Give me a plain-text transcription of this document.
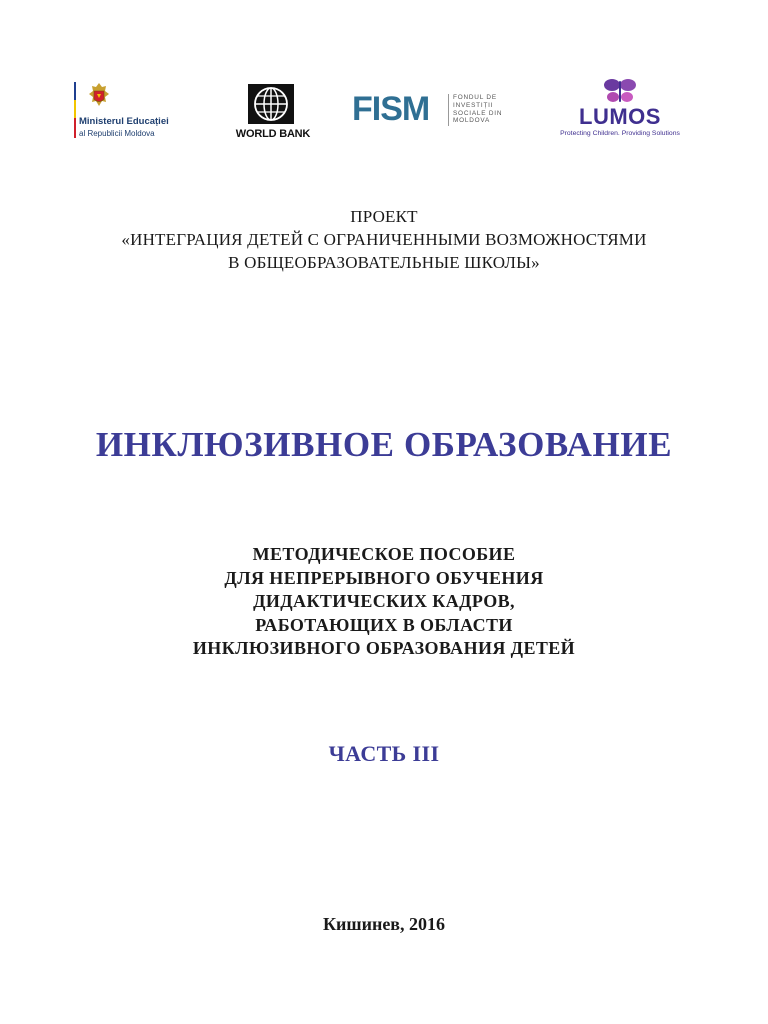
Ministerul Educației
al Republicii Moldova	WORLD BANK
FISM	FONDUL DE INVESTIȚII SOCIALE DIN MOLDOVA	LUMOS
Protecting Children. Providing Solutions
ПРОЕКТ
«ИНТЕГРАЦИЯ ДЕТЕЙ С ОГРАНИЧЕННЫМИ ВОЗМОЖНОСТЯМИ
В ОБЩЕОБРАЗОВАТЕЛЬНЫЕ ШКОЛЫ»
ИНКЛЮЗИВНОЕ ОБРАЗОВАНИЕ
МЕТОДИЧЕСКОЕ ПОСОБИЕ
ДЛЯ НЕПРЕРЫВНОГО ОБУЧЕНИЯ
ДИДАКТИЧЕСКИХ КАДРОВ,
РАБОТАЮЩИХ В ОБЛАСТИ
ИНКЛЮЗИВНОГО ОБРАЗОВАНИЯ ДЕТЕЙ
ЧАСТЬ III
Кишинев, 2016
